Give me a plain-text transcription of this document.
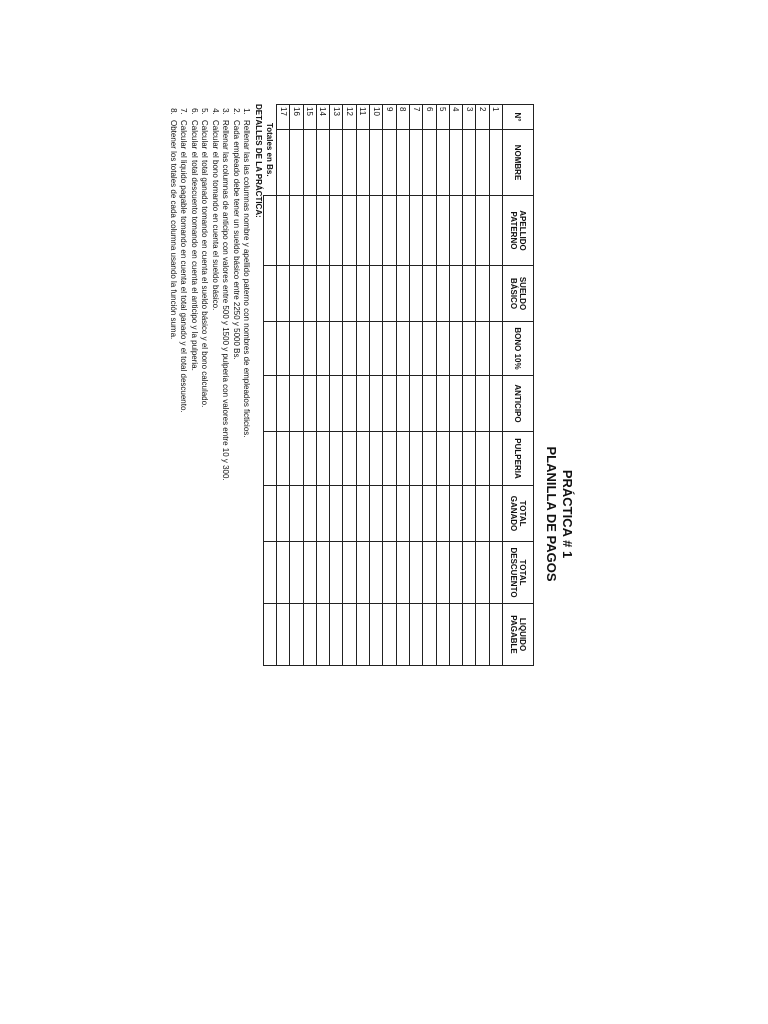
PRÁCTICA # 1
PLANILLA DE PAGOS
N°	NOMBRE	APELLIDO PATERNO	SUELDO BÁSICO	BONO 10%	ANTICIPO	PULPERIA	TOTAL GANADO	TOTAL DESCUENTO	LIQUIDO PAGABLE
1									
2									
3									
4									
5									
6									
7									
8									
9									
10									
11									
12									
13									
14									
15									
16									
17									
Totales en Bs.									
DETALLES DE LA PRÁCTICA:
1. Rellenar las las columnas nombre y apellido paterno con nombres de empleados ficticios.
2. Cada empleado debe tener un sueldo básico entre 2250 y 5000 Bs.
3. Rellenar las columnas de anticipo con valores entre 500 y 1500 y pulperia con valores entre 10 y 300.
4. Calcular el bono tomando en cuenta el sueldo básico.
5. Calcular el total ganado tomando en cuenta el sueldo básico y el bono calculado.
6. Calcular el total descuento tomando en cuenta el anticipo y la pulperia.
7. Calcular el liquido pagable tomando en cuenta el total ganado y el total descuento.
8. Obtener los totales de cada columna usando la función suma.
